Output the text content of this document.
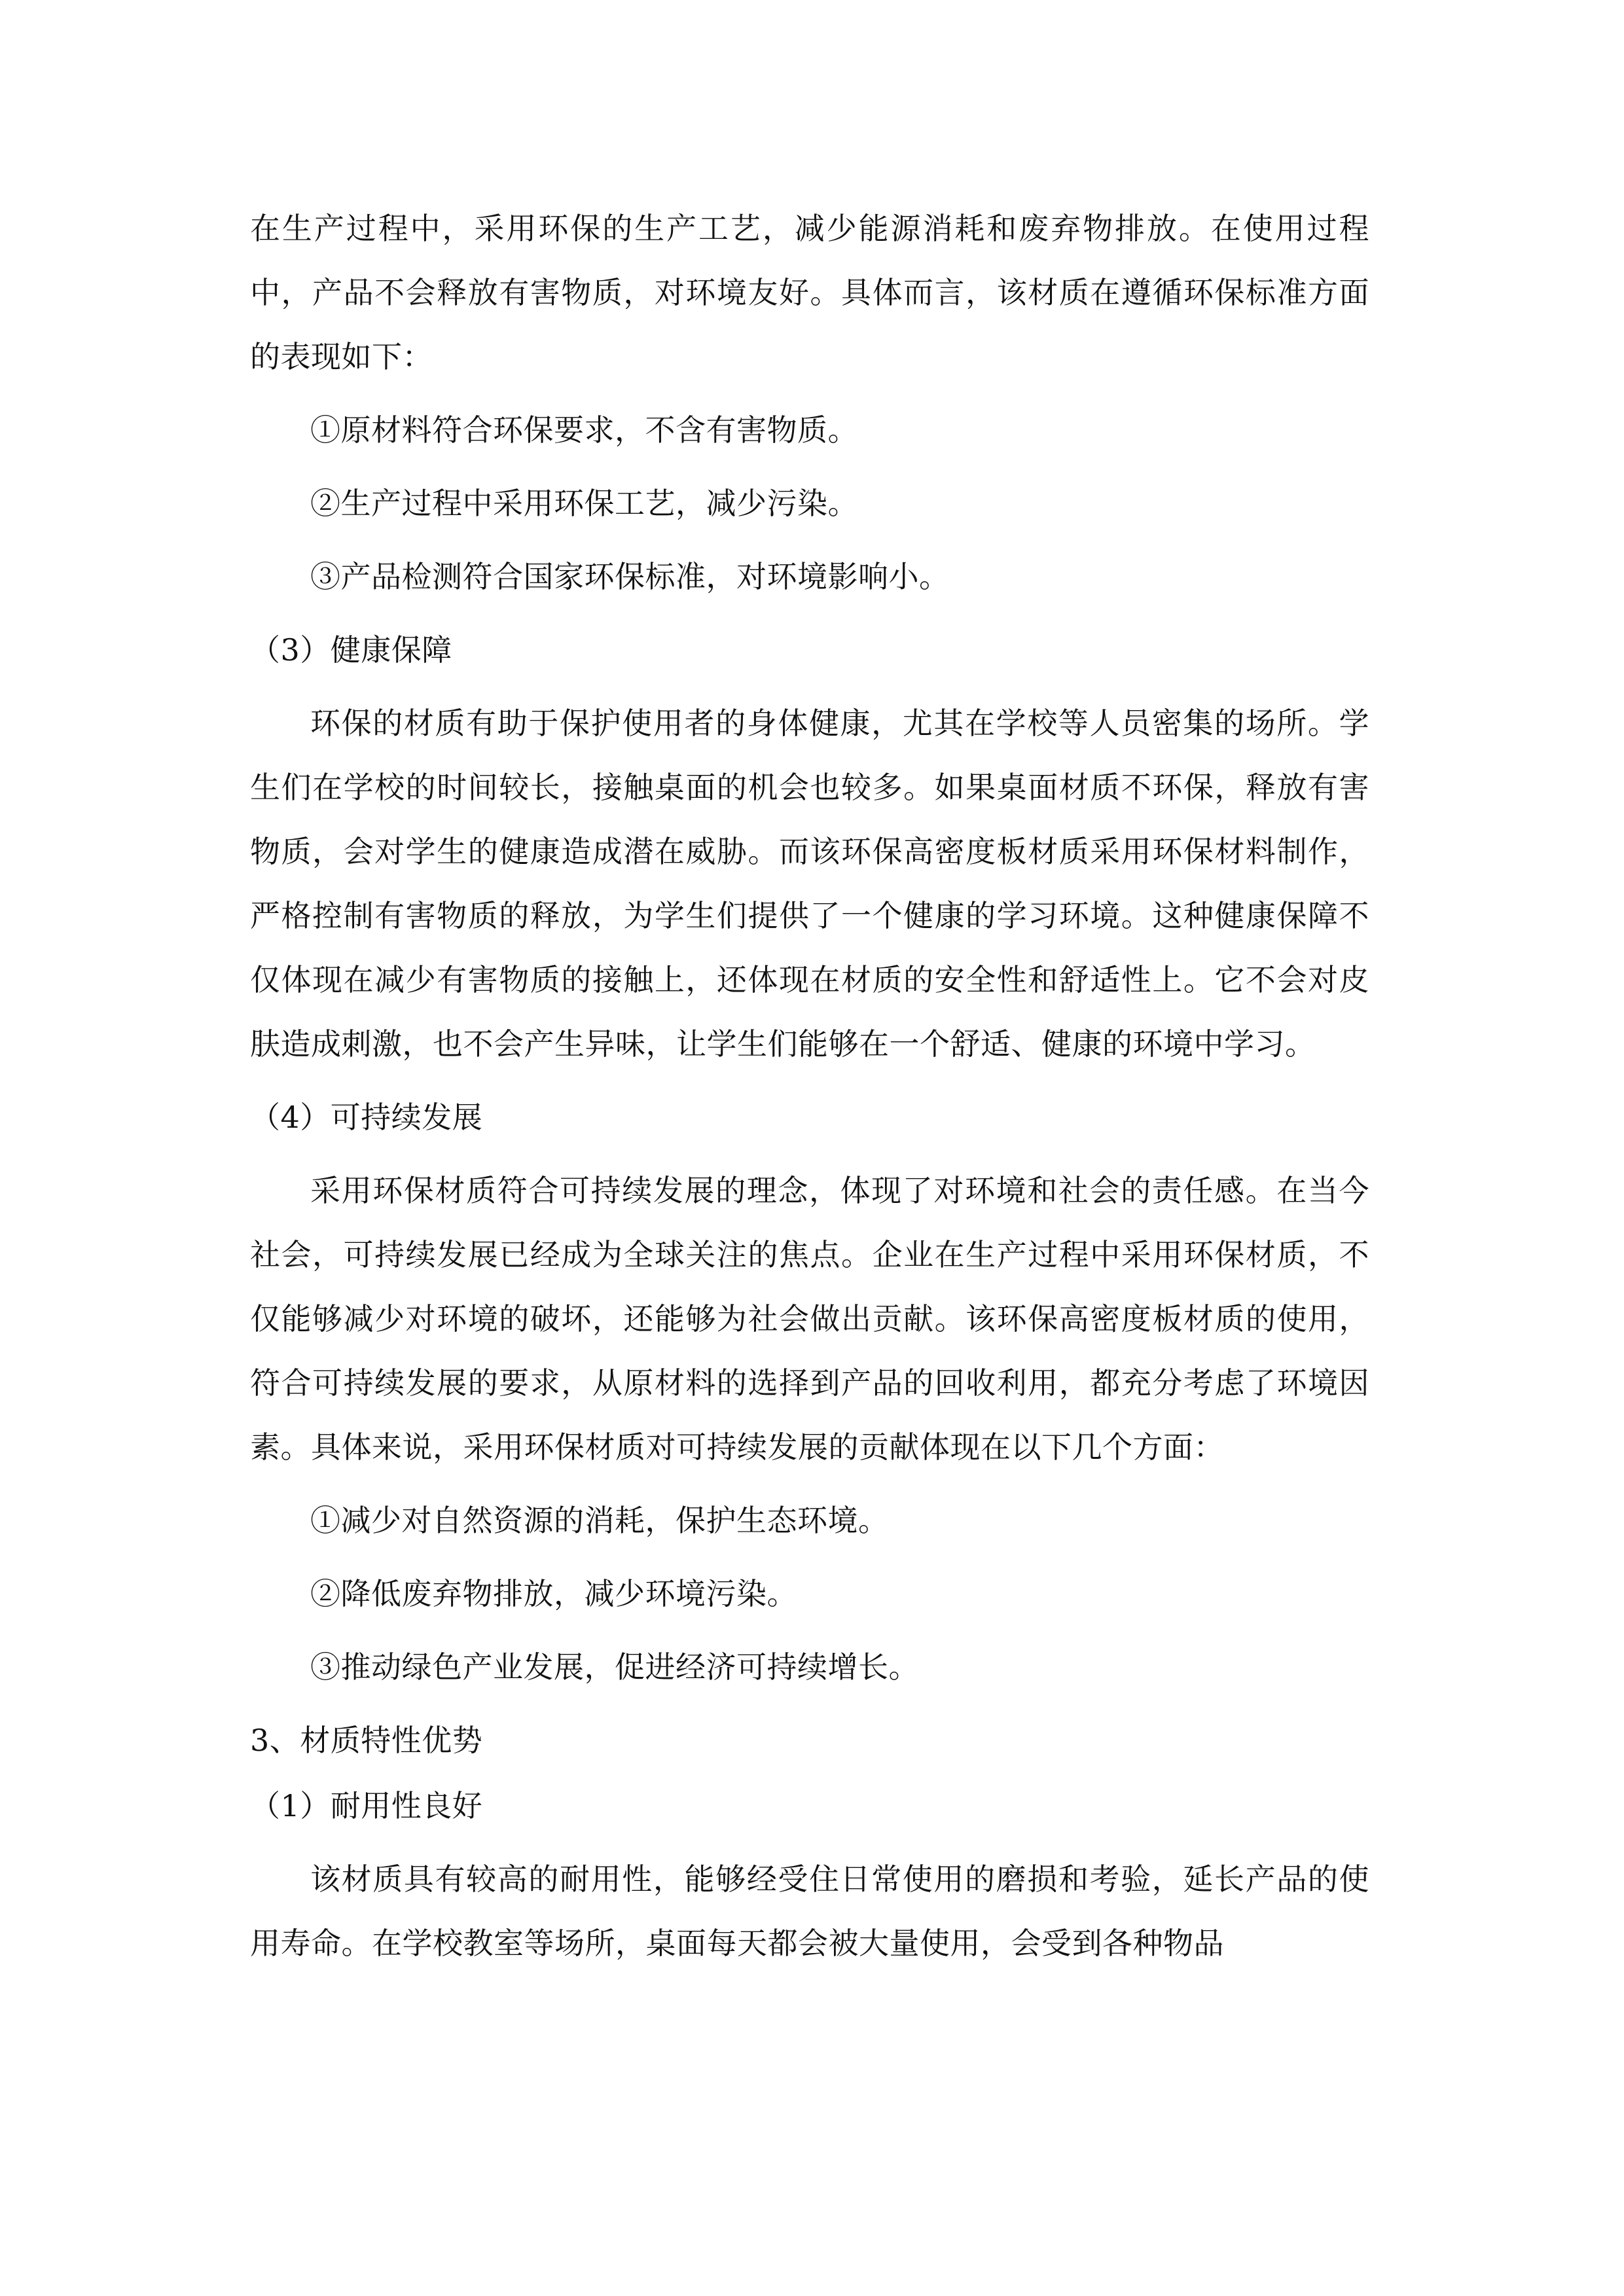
在生产过程中，采用环保的生产工艺，减少能源消耗和废弃物排放。在使用过程中，产品不会释放有害物质，对环境友好。具体而言，该材质在遵循环保标准方面的表现如下：

①原材料符合环保要求，不含有害物质。
②生产过程中采用环保工艺，减少污染。
③产品检测符合国家环保标准，对环境影响小。
（3）健康保障

环保的材质有助于保护使用者的身体健康，尤其在学校等人员密集的场所。学生们在学校的时间较长，接触桌面的机会也较多。如果桌面材质不环保，释放有害物质，会对学生的健康造成潜在威胁。而该环保高密度板材质采用环保材料制作，严格控制有害物质的释放，为学生们提供了一个健康的学习环境。这种健康保障不仅体现在减少有害物质的接触上，还体现在材质的安全性和舒适性上。它不会对皮肤造成刺激，也不会产生异味，让学生们能够在一个舒适、健康的环境中学习。

（4）可持续发展

采用环保材质符合可持续发展的理念，体现了对环境和社会的责任感。在当今社会，可持续发展已经成为全球关注的焦点。企业在生产过程中采用环保材质，不仅能够减少对环境的破坏，还能够为社会做出贡献。该环保高密度板材质的使用，符合可持续发展的要求，从原材料的选择到产品的回收利用，都充分考虑了环境因素。具体来说，采用环保材质对可持续发展的贡献体现在以下几个方面：

①减少对自然资源的消耗，保护生态环境。
②降低废弃物排放，减少环境污染。
③推动绿色产业发展，促进经济可持续增长。
3、材质特性优势
（1）耐用性良好

该材质具有较高的耐用性，能够经受住日常使用的磨损和考验，延长产品的使用寿命。在学校教室等场所，桌面每天都会被大量使用，会受到各种物品
